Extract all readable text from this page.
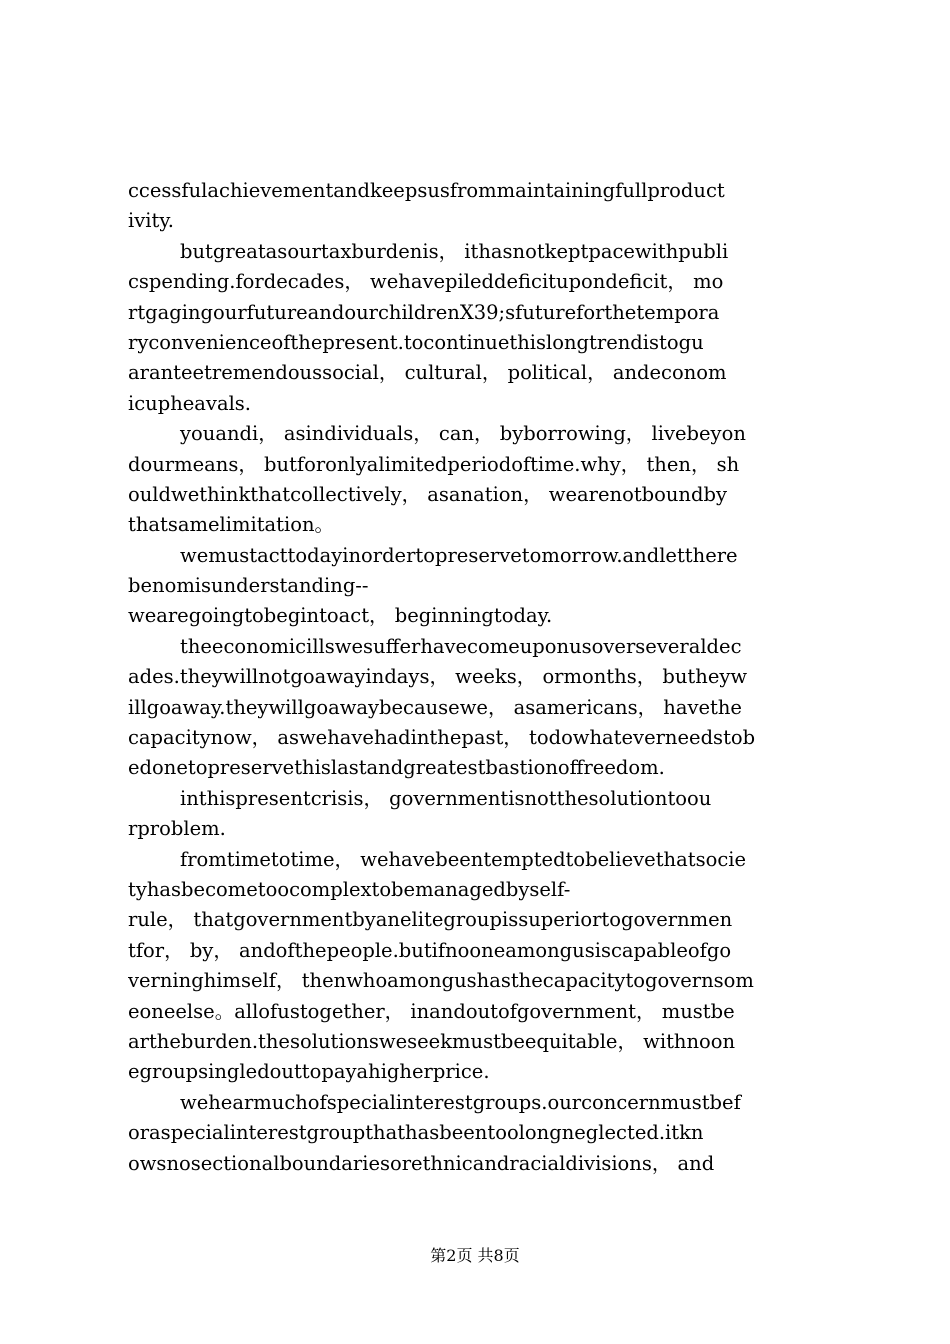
ccessfulachievementandkeepsusfrommaintainingfullproduct
ivity.
butgreatasourtaxburdenis， ithasnotkeptpacewithpubli
cspending.fordecades， wehavepileddeficitupondeficit， mo
rtgagingourfutureandourchildrenX39;sfutureforthetempora
ryconvenienceofthepresent.tocontinuethislongtrendistogu
aranteetremendoussocial， cultural， political， andeconom
icupheavals.
youandi， asindividuals， can， byborrowing， livebeyon
dourmeans， butforonlyalimitedperiodoftime.why， then， sh
ouldwethinkthatcollectively， asanation， wearenotboundby
thatsamelimitation。
wemustacttodayinordertopreservetomorrow.andletthere
benomisunderstanding--
wearegoingtobegintoact， beginningtoday.
theeconomicillswesufferhavecomeuponusoverseveraldec
ades.theywillnotgoawayindays， weeks， ormonths， butheyw
illgoaway.theywillgoawaybecausewe， asamericans， havethe
capacitynow， aswehavehadinthepast， todowhateverneedstob
edonetopreservethislastandgreatestbastionoffreedom.
inthispresentcrisis， governmentisnotthesolutiontoou
rproblem.
fromtimetotime， wehavebeentemptedtobelievethatsocie
tyhasbecometoocomplextobemanagedbyself-
rule， thatgovernmentbyanelitegroupissuperiortogovernmen
tfor， by， andofthepeople.butifnooneamongusiscapableofgo
verninghimself， thenwhoamongushasthecapacitytogovernsom
eoneelse。allofustogether， inandoutofgovernment， mustbe
artheburden.thesolutionsweseekmustbeequitable， withnoon
egroupsingledouttopayahigherprice.
wehearmuchofspecialinterestgroups.ourconcernmustbef
oraspecialinterestgroupthathasbeentoolongneglected.itkn
owsnosectionalboundariesorethnicandracialdivisions， and
第2页 共8页
